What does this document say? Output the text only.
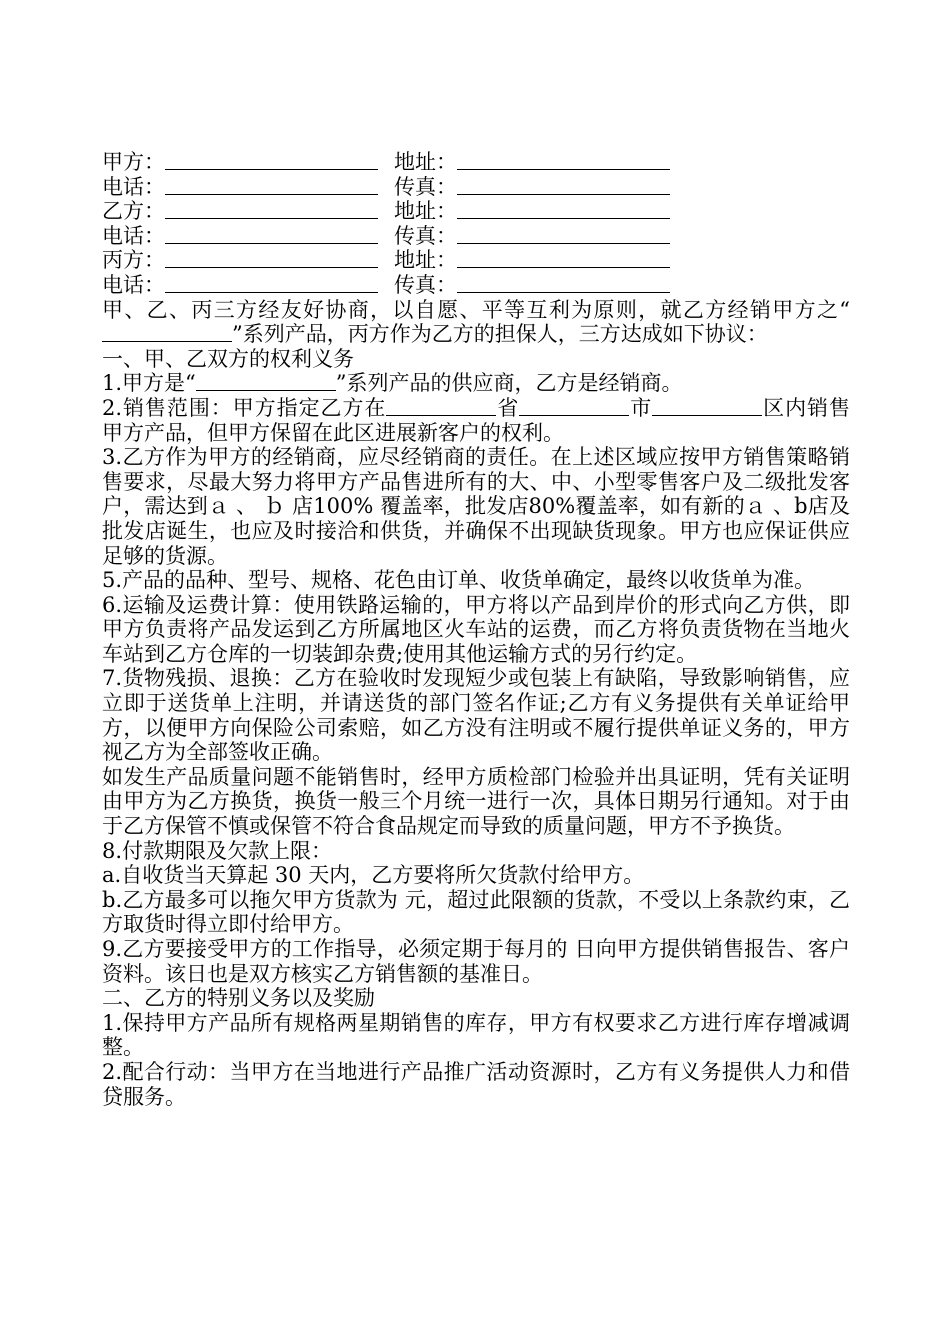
甲方：	地址：
电话：	传真：
乙方：	地址：
电话：	传真：
丙方：	地址：
电话：	传真：

甲、乙、丙三方经友好协商，以自愿、平等互利为原则，就乙方经销甲方之“”系列产品，丙方作为乙方的担保人，三方达成如下协议：

一、甲、乙双方的权利义务

1.甲方是“	”系列产品的供应商，乙方是经销商。

2.销售范围：甲方指定乙方在	省	市	区内销售甲方产品，但甲方保留在此区进展新客户的权利。

3.乙方作为甲方的经销商，应尽经销商的责任。在上述区域应按甲方销售策略销售要求，尽最大努力将甲方产品售进所有的大、中、小型零售客户及二级批发客户，需达到ａ 、 ｂ 店100% 覆盖率，批发店80%覆盖率，如有新的ａ 、b店及批发店诞生，也应及时接洽和供货，并确保不出现缺货现象。甲方也应保证供应足够的货源。

5.产品的品种、型号、规格、花色由订单、收货单确定，最终以收货单为准。

6.运输及运费计算：使用铁路运输的，甲方将以产品到岸价的形式向乙方供，即甲方负责将产品发运到乙方所属地区火车站的运费，而乙方将负责货物在当地火车站到乙方仓库的一切装卸杂费;使用其他运输方式的另行约定。

7.货物残损、退换：乙方在验收时发现短少或包装上有缺陷，导致影响销售，应立即于送货单上注明，并请送货的部门签名作证;乙方有义务提供有关单证给甲方，以便甲方向保险公司索赔，如乙方没有注明或不履行提供单证义务的，甲方视乙方为全部签收正确。

如发生产品质量问题不能销售时，经甲方质检部门检验并出具证明，凭有关证明由甲方为乙方换货，换货一般三个月统一进行一次，具体日期另行通知。对于由于乙方保管不慎或保管不符合食品规定而导致的质量问题，甲方不予换货。

8.付款期限及欠款上限：

a.自收货当天算起 30 天内，乙方要将所欠货款付给甲方。

b.乙方最多可以拖欠甲方货款为 元，超过此限额的货款，不受以上条款约束，乙方取货时得立即付给甲方。

9.乙方要接受甲方的工作指导，必须定期于每月的 日向甲方提供销售报告、客户资料。该日也是双方核实乙方销售额的基准日。

二、乙方的特别义务以及奖励

1.保持甲方产品所有规格两星期销售的库存，甲方有权要求乙方进行库存增减调整。

2.配合行动：当甲方在当地进行产品推广活动资源时，乙方有义务提供人力和借贷服务。
